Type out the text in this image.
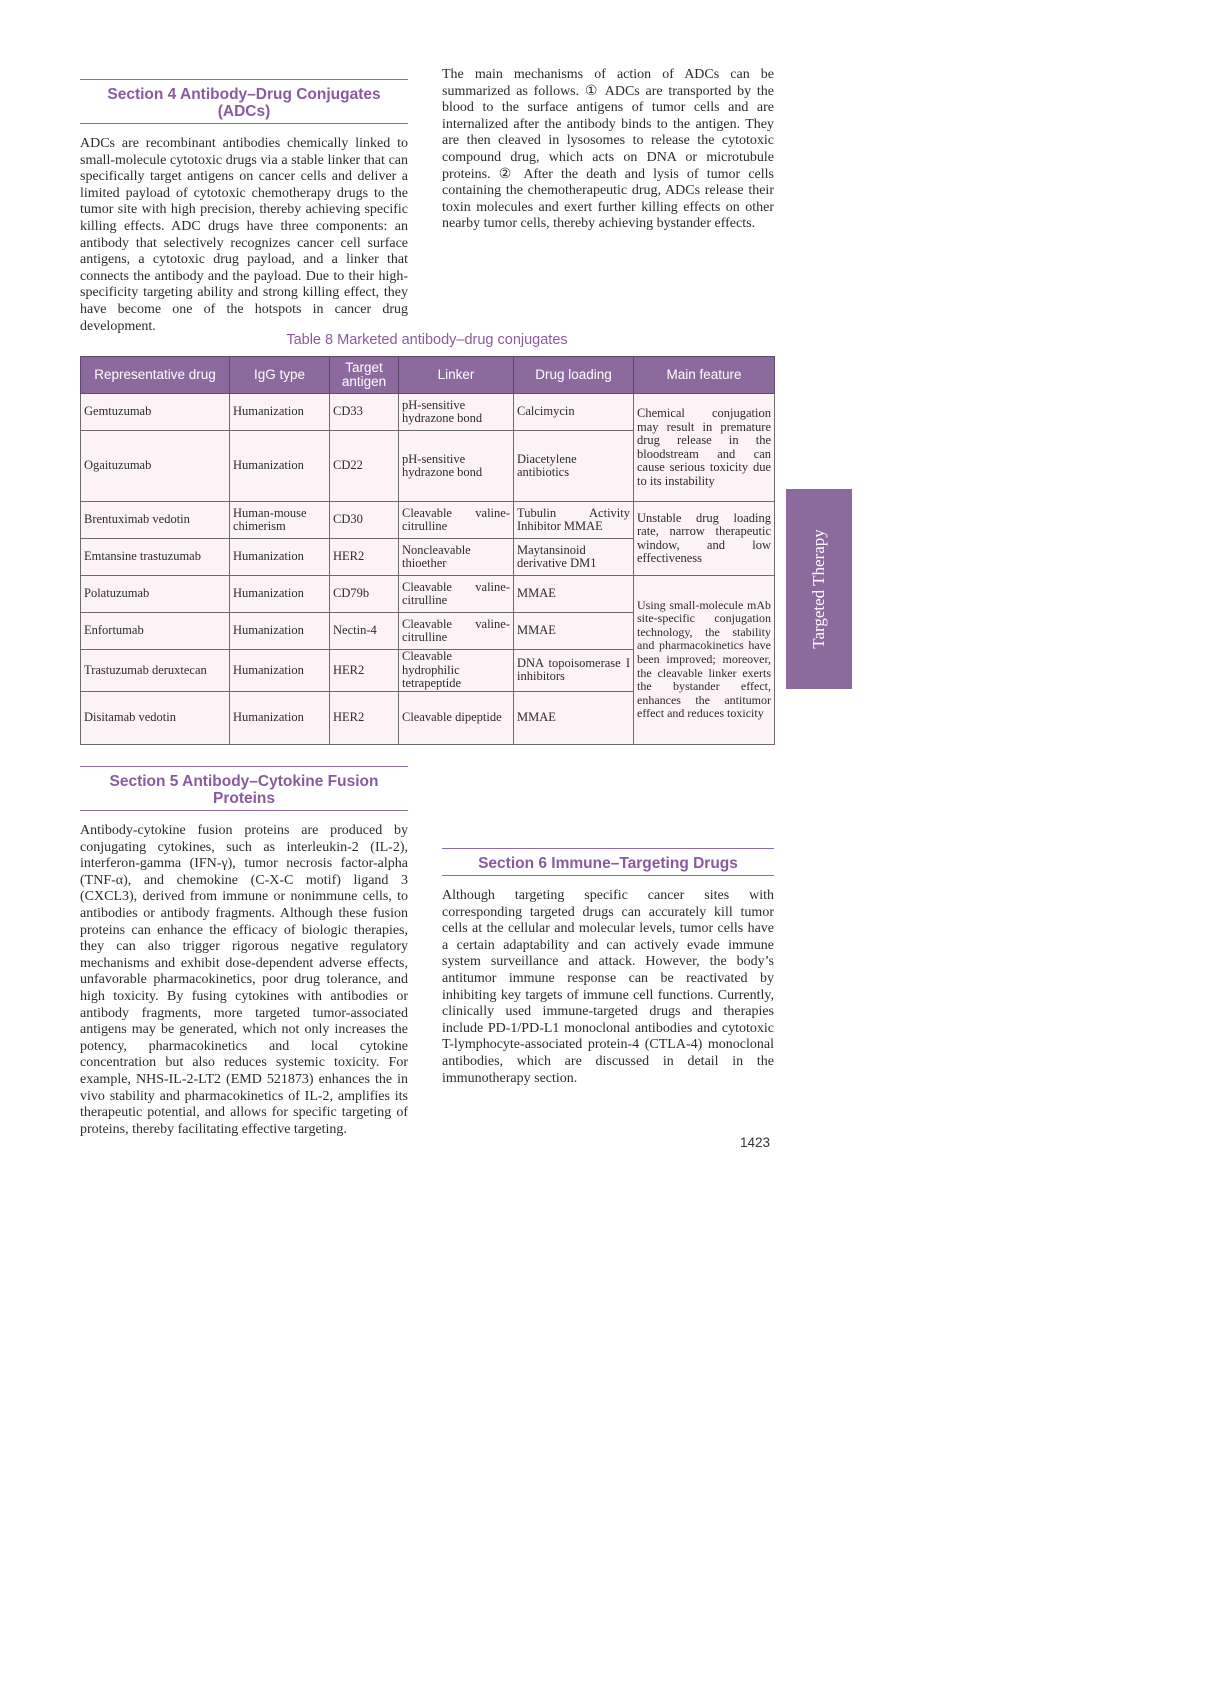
Section 4 Antibody–Drug Conjugates (ADCs)

ADCs are recombinant antibodies chemically linked to small-molecule cytotoxic drugs via a stable linker that can specifically target antigens on cancer cells and deliver a limited payload of cytotoxic chemotherapy drugs to the tumor site with high precision, thereby achieving specific killing effects. ADC drugs have three components: an antibody that selectively recognizes cancer cell surface antigens, a cytotoxic drug payload, and a linker that connects the antibody and the payload. Due to their high-specificity targeting ability and strong killing effect, they have become one of the hotspots in cancer drug development.

The main mechanisms of action of ADCs can be summarized as follows. ① ADCs are transported by the blood to the surface antigens of tumor cells and are internalized after the antibody binds to the antigen. They are then cleaved in lysosomes to release the cytotoxic compound drug, which acts on DNA or microtubule proteins. ② After the death and lysis of tumor cells containing the chemotherapeutic drug, ADCs release their toxin molecules and exert further killing effects on other nearby tumor cells, thereby achieving bystander effects.

Table 8 Marketed antibody–drug conjugates
Representative drug	IgG type	Target antigen	Linker	Drug loading	Main feature
Gemtuzumab	Humanization	CD33	pH-sensitive hydrazone bond	Calcimycin	Chemical conjugation may result in premature drug release in the bloodstream and can cause serious toxicity due to its instability
Ogaituzumab	Humanization	CD22	pH-sensitive hydrazone bond	Diacetylene antibiotics	
Brentuximab vedotin	Human-mouse chimerism	CD30	Cleavable valine-citrulline	Tubulin Activity Inhibitor MMAE	Unstable drug loading rate, narrow therapeutic window, and low effectiveness
Emtansine trastuzumab	Humanization	HER2	Noncleavable thioether	Maytansinoid derivative DM1	
Polatuzumab	Humanization	CD79b	Cleavable valine-citrulline	MMAE	Using small-molecule mAb site-specific conjugation technology, the stability and pharmacokinetics have been improved; moreover, the cleavable linker exerts the bystander effect, enhances the antitumor effect and reduces toxicity
Enfortumab	Humanization	Nectin-4	Cleavable valine-citrulline	MMAE	
Trastuzumab deruxtecan	Humanization	HER2	Cleavable hydrophilic tetrapeptide	DNA topoisomerase I inhibitors	
Disitamab vedotin	Humanization	HER2	Cleavable dipeptide	MMAE	
Targeted Therapy
Section 5 Antibody–Cytokine Fusion Proteins

Antibody-cytokine fusion proteins are produced by conjugating cytokines, such as interleukin-2 (IL-2), interferon-gamma (IFN-γ), tumor necrosis factor-alpha (TNF-α), and chemokine (C-X-C motif) ligand 3 (CXCL3), derived from immune or nonimmune cells, to antibodies or antibody fragments. Although these fusion proteins can enhance the efficacy of biologic therapies, they can also trigger rigorous negative regulatory mechanisms and exhibit dose-dependent adverse effects, unfavorable pharmacokinetics, poor drug tolerance, and high toxicity. By fusing cytokines with antibodies or antibody fragments, more targeted tumor-associated antigens may be generated, which not only increases the potency, pharmacokinetics and local cytokine concentration but also reduces systemic toxicity. For example, NHS-IL-2-LT2 (EMD 521873) enhances the in vivo stability and pharmacokinetics of IL-2, amplifies its therapeutic potential, and allows for specific targeting of proteins, thereby facilitating effective targeting.

Section 6 Immune–Targeting Drugs

Although targeting specific cancer sites with corresponding targeted drugs can accurately kill tumor cells at the cellular and molecular levels, tumor cells have a certain adaptability and can actively evade immune system surveillance and attack. However, the body’s antitumor immune response can be reactivated by inhibiting key targets of immune cell functions. Currently, clinically used immune-targeted drugs and therapies include PD-1/PD-L1 monoclonal antibodies and cytotoxic T-lymphocyte-associated protein-4 (CTLA-4) monoclonal antibodies, which are discussed in detail in the immunotherapy section.

1423
